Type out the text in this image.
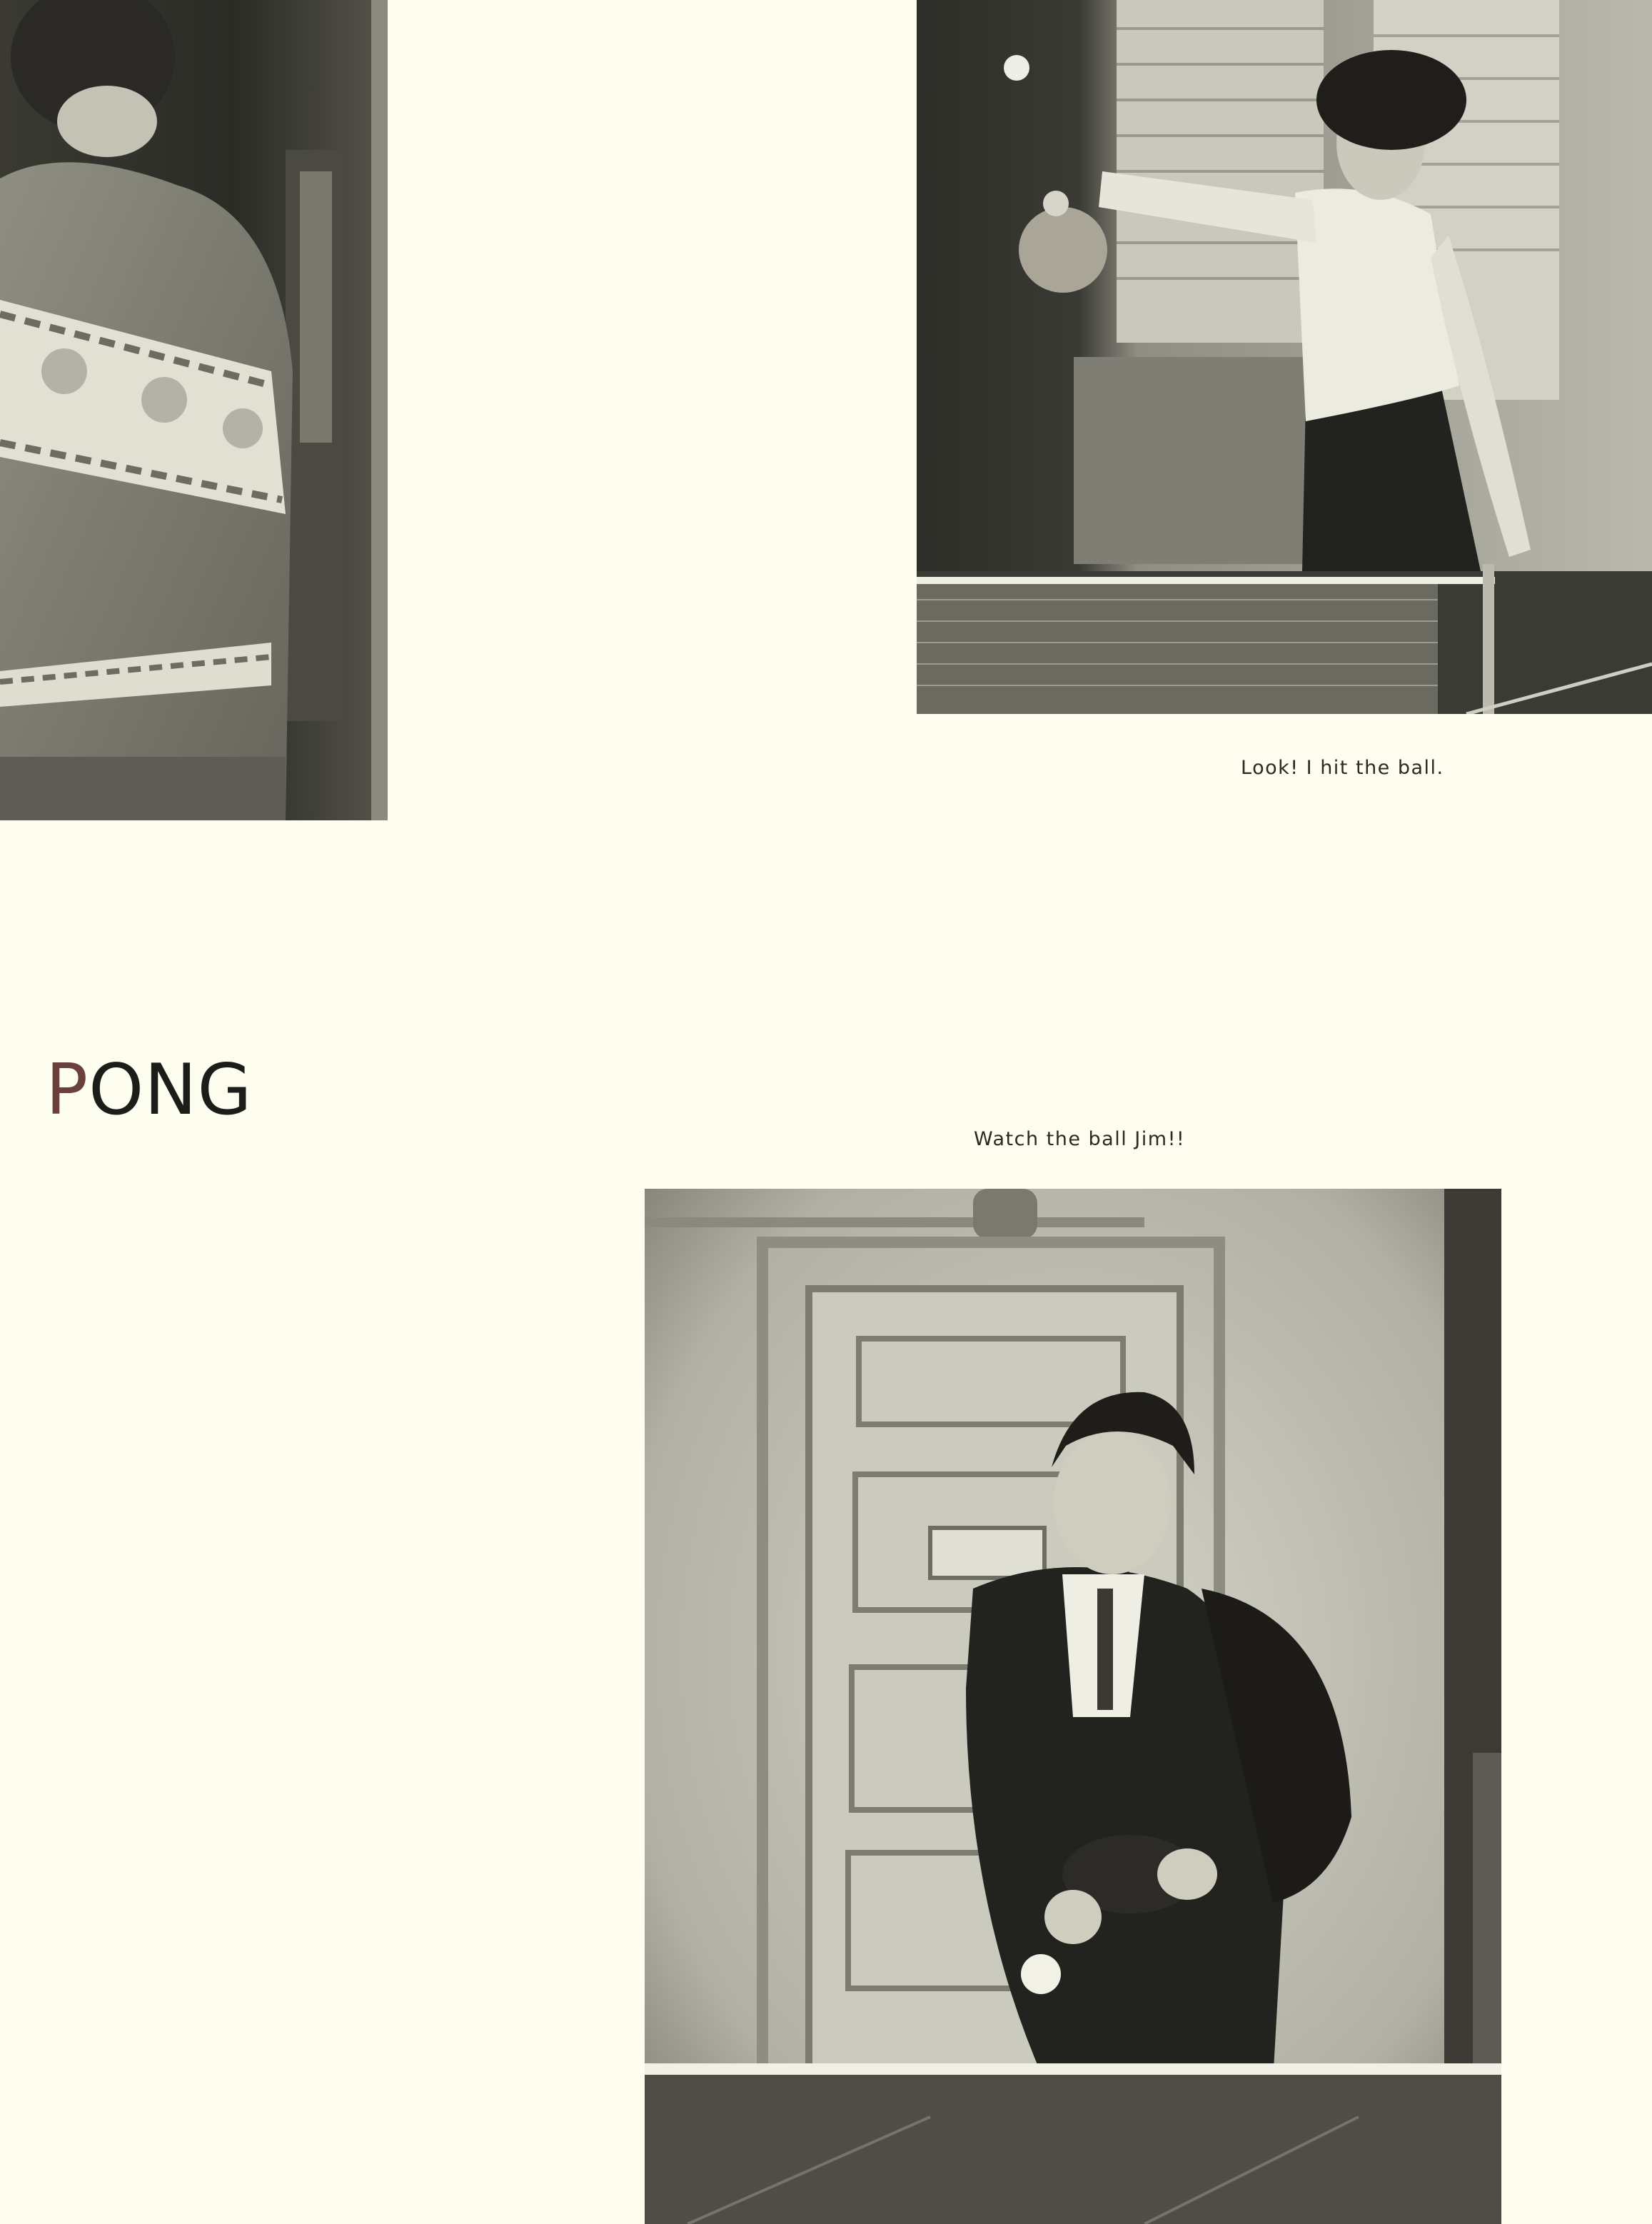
Look! I hit the ball.
PONG
Watch the ball Jim!!
